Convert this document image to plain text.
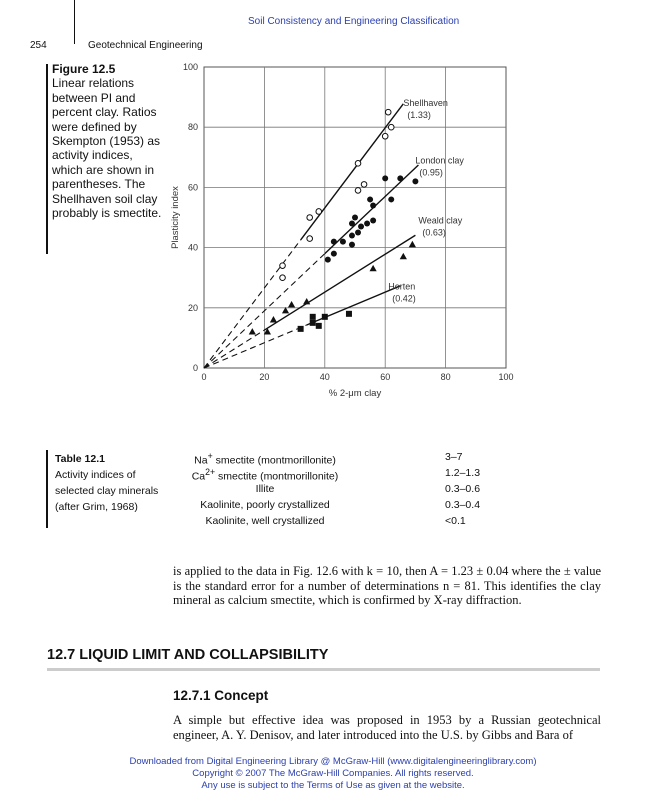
Soil Consistency and Engineering Classification
254	Geotechnical Engineering
Figure 12.5
Linear relations between PI and percent clay. Ratios were defined by Skempton (1953) as activity indices, which are shown in parentheses. The Shellhaven soil clay probably is smectite.
0	20	40	60	80	100
0
20
40
60
80
100
% 2-μm clay
Plasticity index
Shellhaven
(1.33)
London clay
(0.95)
Weald clay
(0.63)
Horten
(0.42)
Table 12.1
Activity indices of selected clay minerals (after Grim, 1968)
Na+ smectite (montmorillonite)	3–7
$Ca^{2+}$ smectite (montmorillonite)	1.2–1.3
Illite	0.3–0.6
Kaolinite, poorly crystallized	0.3–0.4
Kaolinite, well crystallized	<0.1
is applied to the data in Fig. 12.6 with k = 10, then A = 1.23 ± 0.04 where the ± value is the standard error for a number of determinations n = 81. This identifies the clay mineral as calcium smectite, which is confirmed by X-ray diffraction.
12.7 LIQUID LIMIT AND COLLAPSIBILITY
12.7.1 Concept
A simple but effective idea was proposed in 1953 by a Russian geotechnical engineer, A. Y. Denisov, and later introduced into the U.S. by Gibbs and Bara of
Downloaded from Digital Engineering Library @ McGraw-Hill (www.digitalengineeringlibrary.com)
Copyright © 2007 The McGraw-Hill Companies. All rights reserved.
Any use is subject to the Terms of Use as given at the website.
